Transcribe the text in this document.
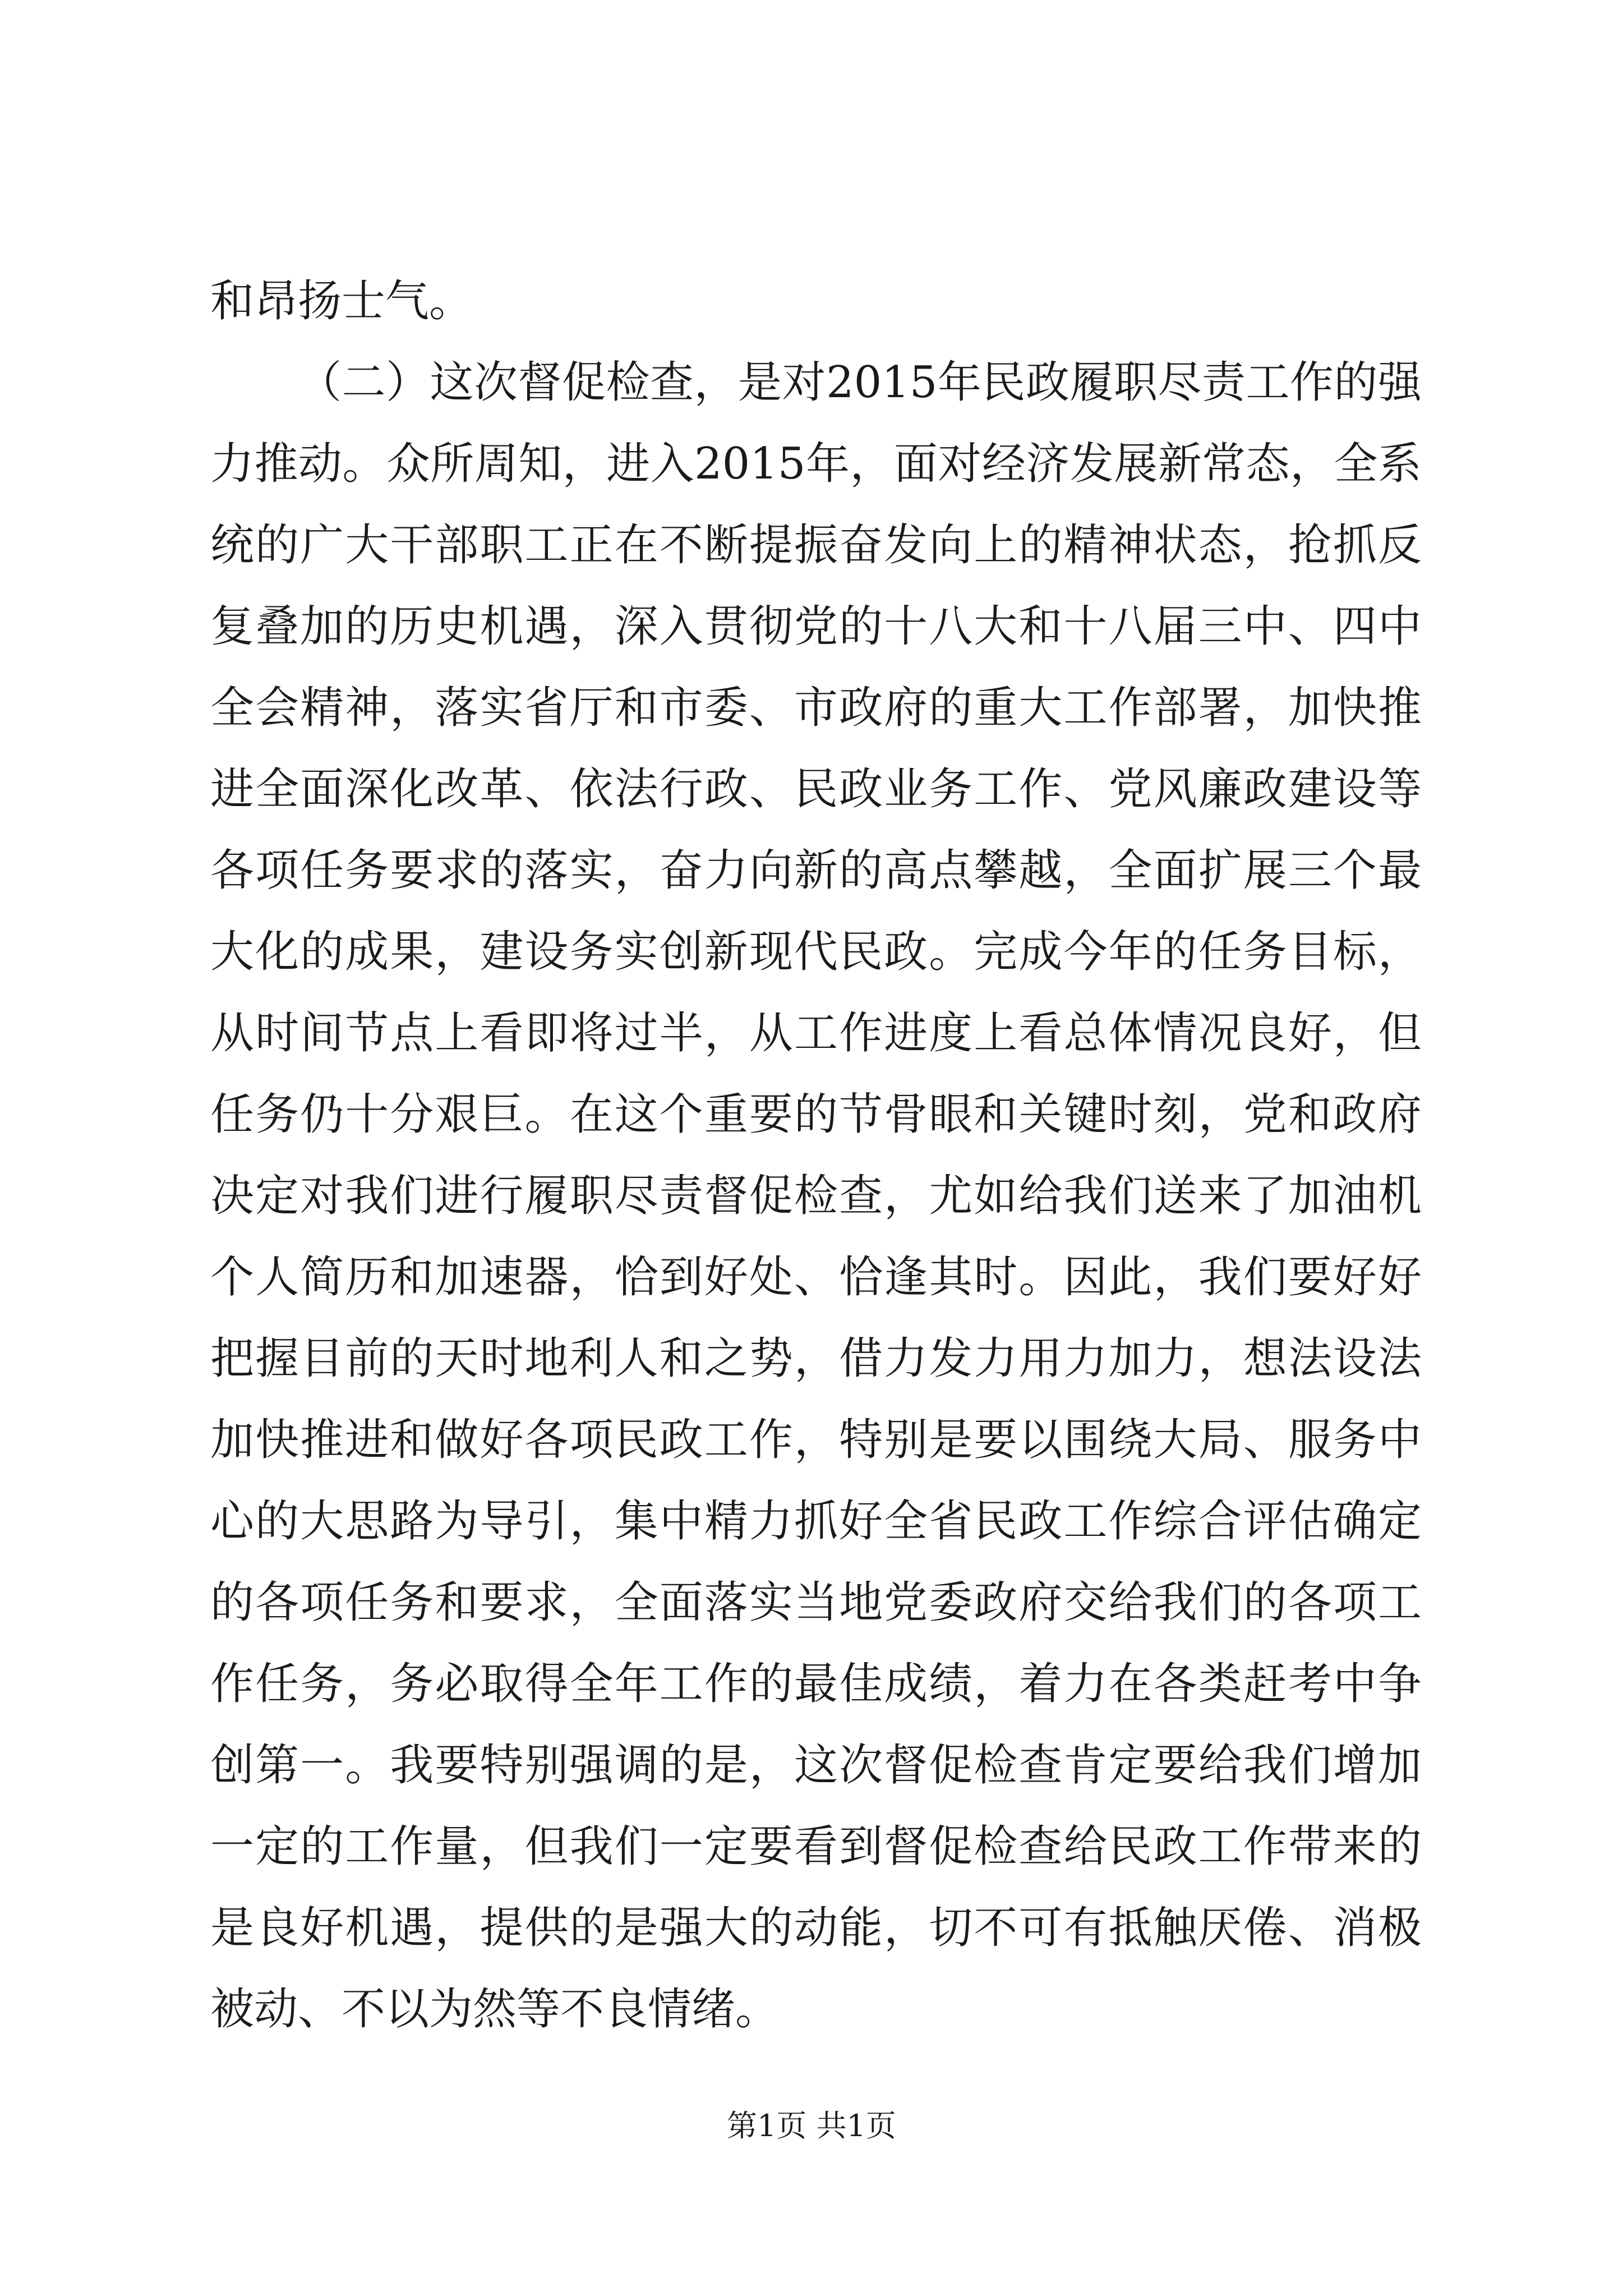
和昂扬士气。

（二）这次督促检查，是对2015年民政履职尽责工作的强力推动。众所周知，进入2015年，面对经济发展新常态，全系统的广大干部职工正在不断提振奋发向上的精神状态，抢抓反复叠加的历史机遇，深入贯彻党的十八大和十八届三中、四中全会精神，落实省厅和市委、市政府的重大工作部署，加快推进全面深化改革、依法行政、民政业务工作、党风廉政建设等各项任务要求的落实，奋力向新的高点攀越，全面扩展三个最大化的成果，建设务实创新现代民政。完成今年的任务目标，从时间节点上看即将过半，从工作进度上看总体情况良好，但任务仍十分艰巨。在这个重要的节骨眼和关键时刻，党和政府决定对我们进行履职尽责督促检查，尤如给我们送来了加油机个人简历和加速器，恰到好处、恰逢其时。因此，我们要好好把握目前的天时地利人和之势，借力发力用力加力，想法设法加快推进和做好各项民政工作，特别是要以围绕大局、服务中心的大思路为导引，集中精力抓好全省民政工作综合评估确定的各项任务和要求，全面落实当地党委政府交给我们的各项工作任务，务必取得全年工作的最佳成绩，着力在各类赶考中争创第一。我要特别强调的是，这次督促检查肯定要给我们增加一定的工作量，但我们一定要看到督促检查给民政工作带来的是良好机遇，提供的是强大的动能，切不可有抵触厌倦、消极被动、不以为然等不良情绪。

第1页 共1页
